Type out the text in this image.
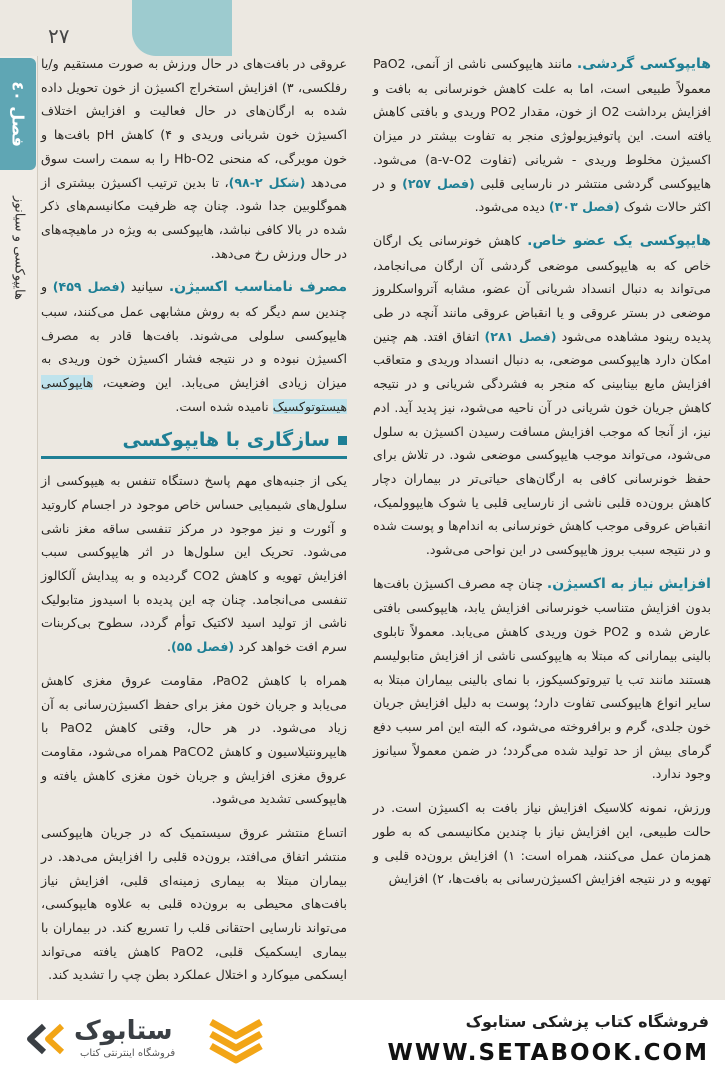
۲۷
فصل ٤٠
هایپوکسی و سیانوز

هایپوکسی گردشی. مانند هایپوکسی ناشی از آنمی، PaO2 معمولاً طبیعی است، اما به علت کاهش خونرسانی به بافت و افزایش برداشت O2 از خون، مقدار PO2 وریدی و بافتی کاهش یافته است. این پاتوفیزیولوژی منجر به تفاوت بیشتر در میزان اکسیژن مخلوط وریدی - شریانی (تفاوت a-v-O2) می‌شود. هایپوکسی گردشی منتشر در نارسایی قلبی (فصل ۲۵۷) و در اکثر حالات شوک (فصل ۳۰۳) دیده می‌شود.

هایپوکسی یک عضو خاص. کاهش خونرسانی یک ارگان خاص که به هایپوکسی موضعی گردشی آن ارگان می‌انجامد، می‌تواند به دنبال انسداد شریانی آن عضو، مشابه آترواسکلروز موضعی در بستر عروقی و یا انقباض عروقی مانند آنچه در طی پدیده رینود مشاهده می‌شود (فصل ۲۸۱) اتفاق افتد. هم چنین امکان دارد هایپوکسی موضعی، به دنبال انسداد وریدی و متعاقب افزایش مایع بینابینی که منجر به فشردگی شریانی و در نتیجه کاهش جریان خون شریانی در آن ناحیه می‌شود، نیز پدید آید. ادم نیز، از آنجا که موجب افزایش مسافت رسیدن اکسیژن به سلول می‌شود، می‌تواند موجب هایپوکسی موضعی شود. در تلاش برای حفظ خونرسانی کافی به ارگان‌های حیاتی‌تر در بیماران دچار کاهش برون‌ده قلبی ناشی از نارسایی قلبی یا شوک هایپوولمیک، انقباض عروقی موجب کاهش خونرسانی به اندام‌ها و پوست شده و در نتیجه سبب بروز هایپوکسی در این نواحی می‌شود.

افزایش نیاز به اکسیژن. چنان چه مصرف اکسیژن بافت‌ها بدون افزایش متناسب خونرسانی افزایش یابد، هایپوکسی بافتی عارض شده و PO2 خون وریدی کاهش می‌یابد. معمولاً تابلوی بالینی بیمارانی که مبتلا به هایپوکسی ناشی از افزایش متابولیسم هستند مانند تب یا تیروتوکسیکوز، با نمای بالینی بیماران مبتلا به سایر انواع هایپوکسی تفاوت دارد؛ پوست به دلیل افزایش جریان خون جلدی، گرم و برافروخته می‌شود، که البته این امر سبب دفع گرمای بیش از حد تولید شده می‌گردد؛ در ضمن معمولاً سیانوز وجود ندارد.

ورزش، نمونه کلاسیک افزایش نیاز بافت به اکسیژن است. در حالت طبیعی، این افزایش نیاز با چندین مکانیسمی که به طور همزمان عمل می‌کنند، همراه است: ۱) افزایش برون‌ده قلبی و تهویه و در نتیجه افزایش اکسیژن‌رسانی به بافت‌ها، ۲) افزایش

عروقی در بافت‌های در حال ورزش به صورت مستقیم و/یا رفلکسی، ۳) افزایش استخراج اکسیژن از خون تحویل داده شده به ارگان‌های در حال فعالیت و افزایش اختلاف اکسیژن خون شریانی وریدی و ۴) کاهش pH بافت‌ها و خون مویرگی، که منحنی Hb-O2 را به سمت راست سوق می‌دهد (شکل ۲-۹۸)، تا بدین ترتیب اکسیژن بیشتری از هموگلوبین جدا شود. چنان چه ظرفیت مکانیسم‌های ذکر شده در بالا کافی نباشد، هایپوکسی به ویژه در ماهیچه‌های در حال ورزش رخ می‌دهد.

مصرف نامناسب اکسیژن. سیانید (فصل ۴۵۹) و چندین سم دیگر که به روش مشابهی عمل می‌کنند، سبب هایپوکسی سلولی می‌شوند. بافت‌ها قادر به مصرف اکسیژن نبوده و در نتیجه فشار اکسیژن خون وریدی به میزان زیادی افزایش می‌یابد. این وضعیت، هایپوکسی هیستوتوکسیک نامیده شده است.

سازگاری با هایپوکسی

یکی از جنبه‌های مهم پاسخ دستگاه تنفس به هیپوکسی از سلول‌های شیمیایی حساس خاص موجود در اجسام کاروتید و آئورت و نیز موجود در مرکز تنفسی ساقه مغز ناشی می‌شود. تحریک این سلول‌ها در اثر هایپوکسی سبب افزایش تهویه و کاهش CO2 گردیده و به پیدایش آلکالوز تنفسی می‌انجامد. چنان چه این پدیده با اسیدوز متابولیک ناشی از تولید اسید لاکتیک توأم گردد، سطوح بی‌کربنات سرم افت خواهد کرد (فصل ۵۵).

همراه با کاهش PaO2، مقاومت عروق مغزی کاهش می‌یابد و جریان خون مغز برای حفظ اکسیژن‌رسانی به آن زیاد می‌شود. در هر حال، وقتی کاهش PaO2 با هایپرونتیلاسیون و کاهش PaCO2 همراه می‌شود، مقاومت عروق مغزی افزایش و جریان خون مغزی کاهش یافته و هایپوکسی تشدید می‌شود.

اتساع منتشر عروق سیستمیک که در جریان هایپوکسی منتشر اتفاق می‌افتد، برون‌ده قلبی را افزایش می‌دهد. در بیماران مبتلا به بیماری زمینه‌ای قلبی، افزایش نیاز بافت‌های محیطی به برون‌ده قلبی به علاوه هایپوکسی، می‌تواند نارسایی احتقانی قلب را تسریع کند. در بیماران با بیماری ایسکمیک قلبی، PaO2 کاهش یافته می‌تواند ایسکمی میوکارد و اختلال عملکرد بطن چپ را تشدید کند.

ستابوک
فروشگاه اینترنتی کتاب
فروشگاه کتاب پزشکی ستابوک
WWW.SETABOOK.COM
